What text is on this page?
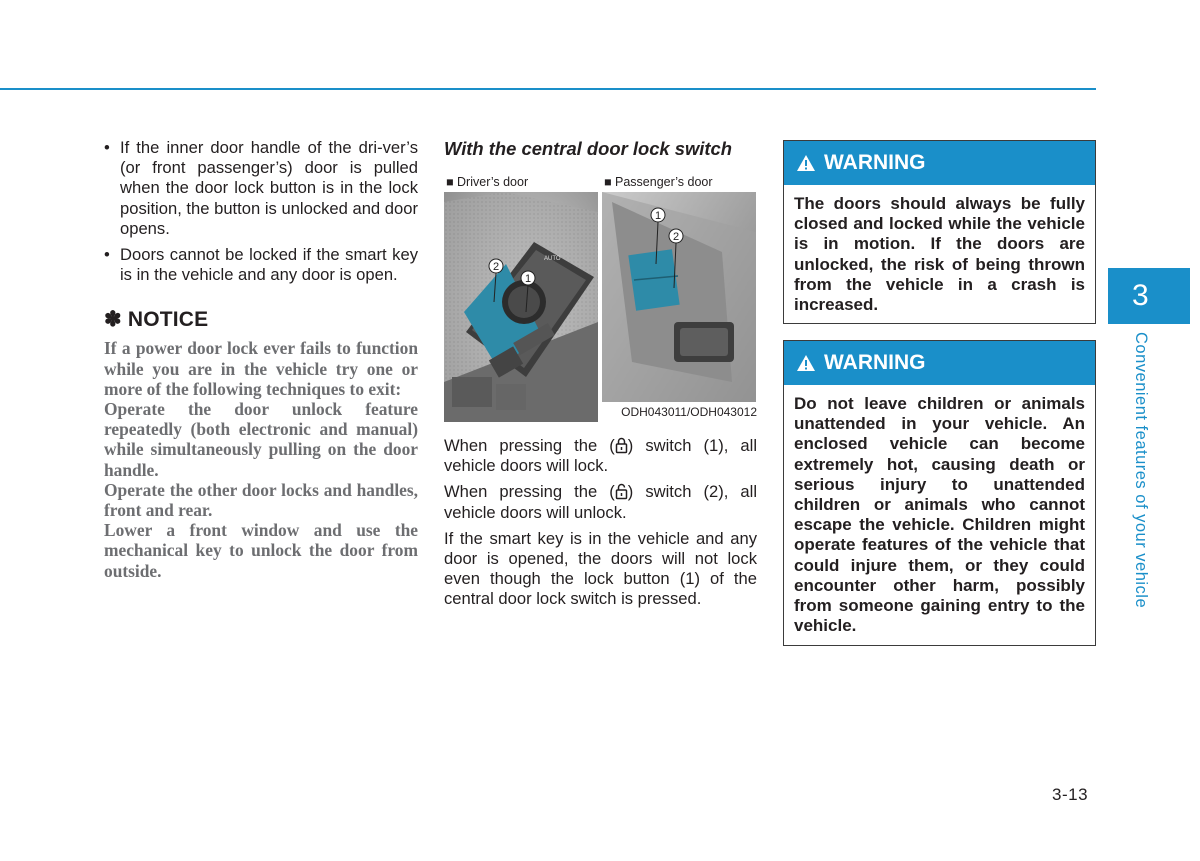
• If the inner door handle of the dri-ver’s (or front passenger’s) door is pulled when the door lock button is in the lock position, the button is unlocked and door opens.
• Doors cannot be locked if the smart key is in the vehicle and any door is open.
✽ NOTICE

If a power door lock ever fails to function while you are in the vehicle try one or more of the following techniques to exit:

Operate the door unlock feature repeatedly (both electronic and manual) while simultaneously pulling on the door handle.

Operate the other door locks and handles, front and rear.

Lower a front window and use the mechanical key to unlock the door from outside.

With the central door lock switch
2
1
AUTO
■ Driver’s door
1
2
■ Passenger’s door
ODH043011/ODH043012

When pressing the ( ) switch (1), all vehicle doors will lock.

When pressing the ( ) switch (2), all vehicle doors will unlock.

If the smart key is in the vehicle and any door is opened, the doors will not lock even though the lock button (1) of the central door lock switch is pressed.

WARNING
The doors should always be fully closed and locked while the vehicle is in motion. If the doors are unlocked, the risk of being thrown from the vehicle in a crash is increased.
WARNING
Do not leave children or animals unattended in your vehicle. An enclosed vehicle can become extremely hot, causing death or serious injury to unattended children or animals who cannot escape the vehicle. Children might operate features of the vehicle that could injure them, or they could encounter other harm, possibly from someone gaining entry to the vehicle.
3
Convenient features of your vehicle
3-13
